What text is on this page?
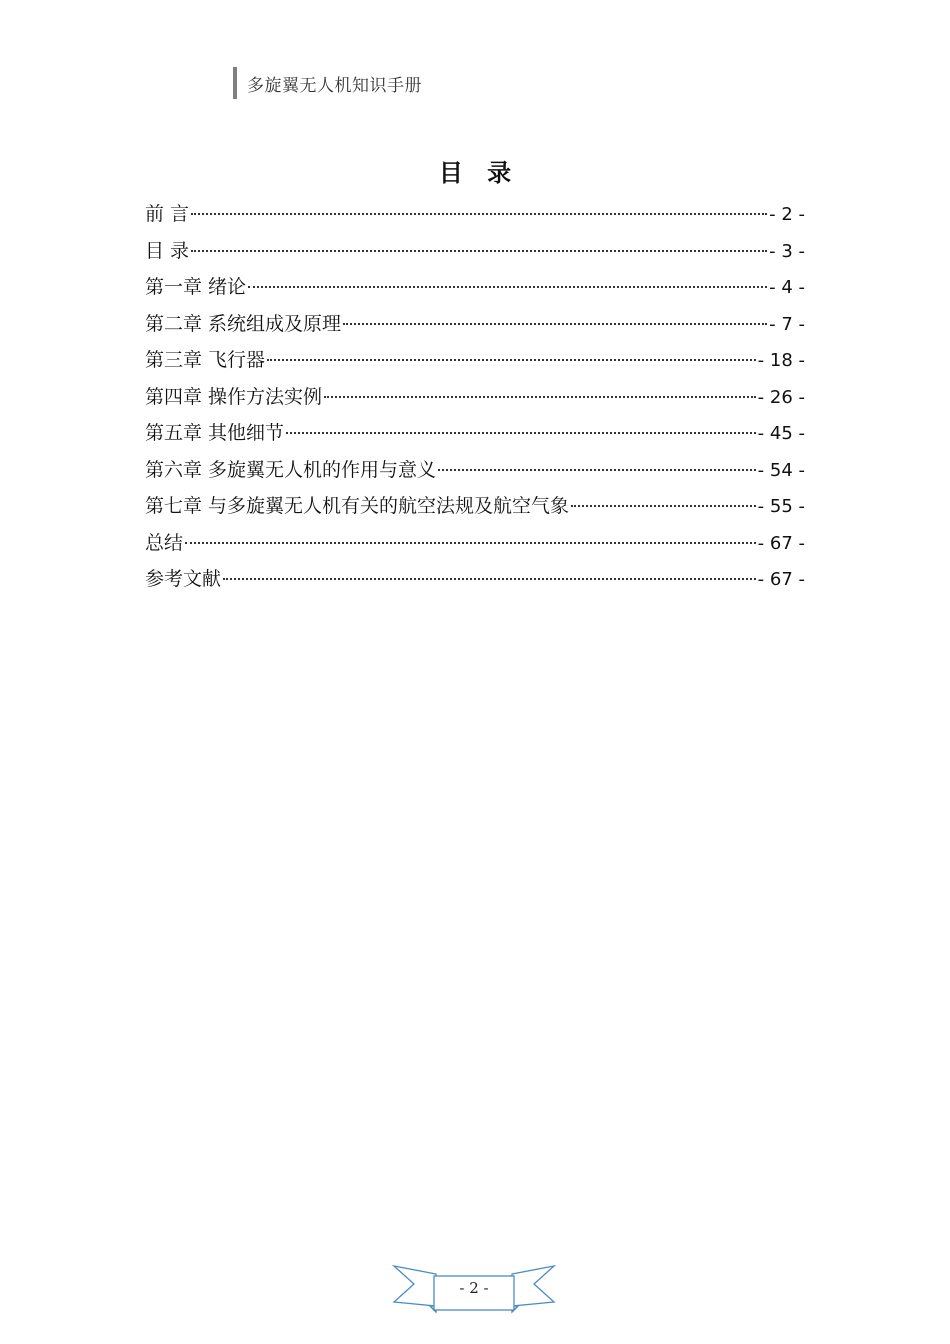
多旋翼无人机知识手册
目 录
前 言	- 2 -
目 录	- 3 -
第一章 绪论	- 4 -
第二章 系统组成及原理	- 7 -
第三章 飞行器	- 18 -
第四章 操作方法实例	- 26 -
第五章 其他细节	- 45 -
第六章 多旋翼无人机的作用与意义	- 54 -
第七章 与多旋翼无人机有关的航空法规及航空气象	- 55 -
总结	- 67 -
参考文献	- 67 -
- 2 -
